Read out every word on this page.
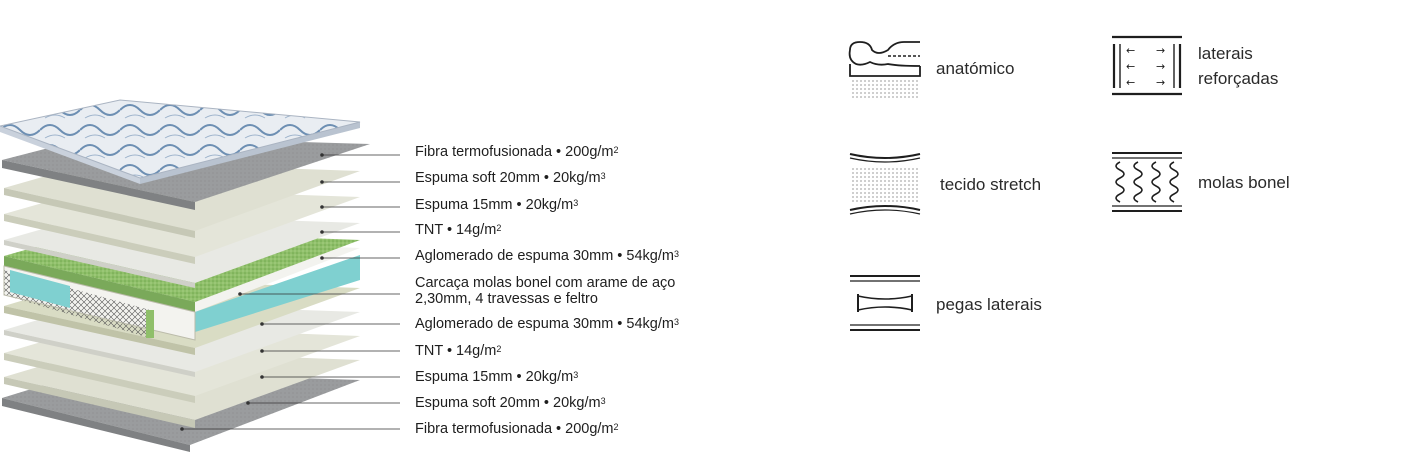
Fibra termofusionada • $200g/m^2$
Espuma soft 20mm • $20kg/m^3$
Espuma 15mm • $20kg/m^3$
TNT • $14g/m^2$
Aglomerado de espuma 30mm • $54kg/m^3$
Carcaça molas bonel com arame de aço
2,30mm, 4 travessas e feltro
Aglomerado de espuma 30mm • $54kg/m^3$
TNT • $14g/m^2$
Espuma 15mm • $20kg/m^3$
Espuma soft 20mm • $20kg/m^3$
Fibra termofusionada • $200g/m^2$
anatómico
← →
← →
← →
laterais
reforçadas
tecido stretch	molas bonel
pegas laterais
